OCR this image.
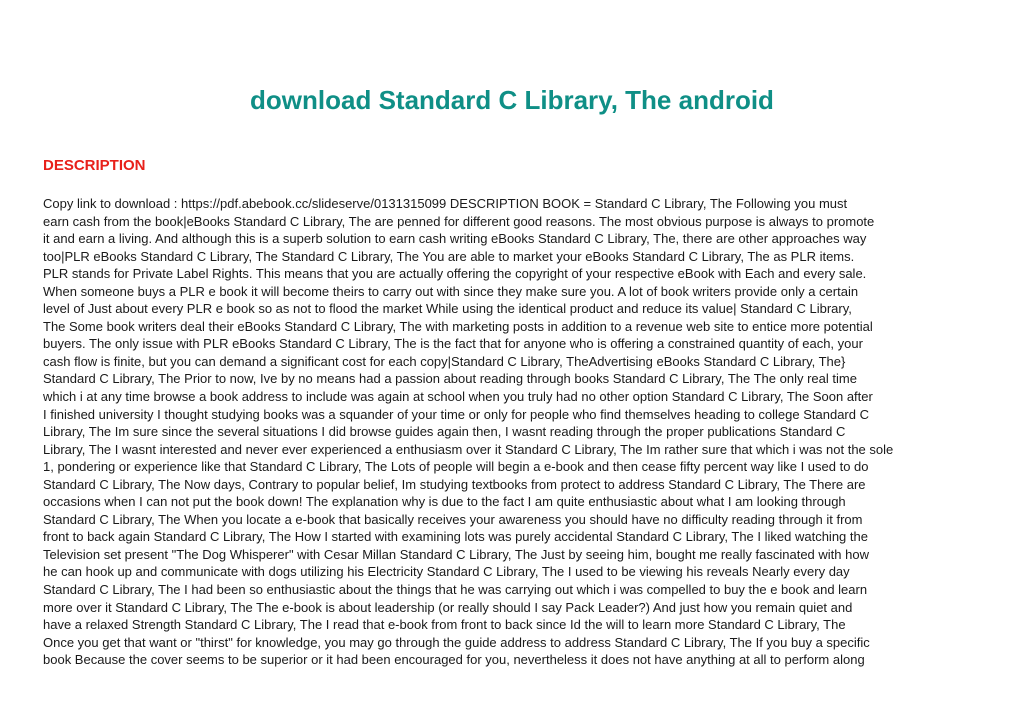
download Standard C Library, The android
DESCRIPTION

Copy link to download : https://pdf.abebook.cc/slideserve/0131315099 DESCRIPTION BOOK = Standard C Library, The Following you must
earn cash from the book|eBooks Standard C Library, The are penned for different good reasons. The most obvious purpose is always to promote
it and earn a living. And although this is a superb solution to earn cash writing eBooks Standard C Library, The, there are other approaches way
too|PLR eBooks Standard C Library, The Standard C Library, The You are able to market your eBooks Standard C Library, The as PLR items.
PLR stands for Private Label Rights. This means that you are actually offering the copyright of your respective eBook with Each and every sale.
When someone buys a PLR e book it will become theirs to carry out with since they make sure you. A lot of book writers provide only a certain
level of Just about every PLR e book so as not to flood the market While using the identical product and reduce its value| Standard C Library,
The Some book writers deal their eBooks Standard C Library, The with marketing posts in addition to a revenue web site to entice more potential
buyers. The only issue with PLR eBooks Standard C Library, The is the fact that for anyone who is offering a constrained quantity of each, your
cash flow is finite, but you can demand a significant cost for each copy|Standard C Library, TheAdvertising eBooks Standard C Library, The}
Standard C Library, The Prior to now, Ive by no means had a passion about reading through books Standard C Library, The The only real time
which i at any time browse a book address to include was again at school when you truly had no other option Standard C Library, The Soon after
I finished university I thought studying books was a squander of your time or only for people who find themselves heading to college Standard C
Library, The Im sure since the several situations I did browse guides again then, I wasnt reading through the proper publications Standard C
Library, The I wasnt interested and never ever experienced a enthusiasm over it Standard C Library, The Im rather sure that which i was not the sole
1, pondering or experience like that Standard C Library, The Lots of people will begin a e-book and then cease fifty percent way like I used to do
Standard C Library, The Now days, Contrary to popular belief, Im studying textbooks from protect to address Standard C Library, The There are
occasions when I can not put the book down! The explanation why is due to the fact I am quite enthusiastic about what I am looking through
Standard C Library, The When you locate a e-book that basically receives your awareness you should have no difficulty reading through it from
front to back again Standard C Library, The How I started with examining lots was purely accidental Standard C Library, The I liked watching the
Television set present "The Dog Whisperer" with Cesar Millan Standard C Library, The Just by seeing him, bought me really fascinated with how
he can hook up and communicate with dogs utilizing his Electricity Standard C Library, The I used to be viewing his reveals Nearly every day
Standard C Library, The I had been so enthusiastic about the things that he was carrying out which i was compelled to buy the e book and learn
more over it Standard C Library, The The e-book is about leadership (or really should I say Pack Leader?) And just how you remain quiet and
have a relaxed Strength Standard C Library, The I read that e-book from front to back since Id the will to learn more Standard C Library, The
Once you get that want or "thirst" for knowledge, you may go through the guide address to address Standard C Library, The If you buy a specific
book Because the cover seems to be superior or it had been encouraged for you, nevertheless it does not have anything at all to perform along
